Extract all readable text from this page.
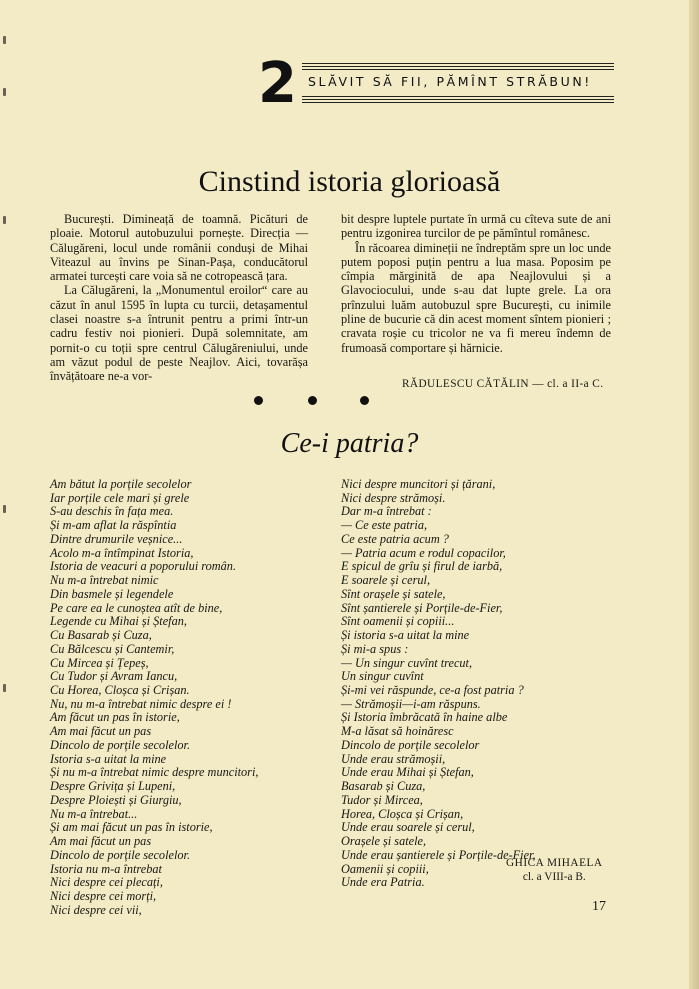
2 SLĂVIT SĂ FII, PĂMÎNT STRĂBUN!
Cinstind istoria glorioasă

București. Dimineață de toamnă. Picături de ploaie. Motorul autobuzului pornește. Direcția — Călugăreni, locul unde românii conduși de Mihai Viteazul au învins pe Sinan-Pașa, conducătorul armatei turcești care voia să ne cotropească țara.

La Călugăreni, la „Monumentul eroilor“ care au căzut în anul 1595 în lupta cu turcii, detașamentul clasei noastre s-a întrunit pentru a primi într-un cadru festiv noi pionieri. După solemnitate, am pornit-o cu toții spre centrul Călugăreniului, unde am văzut podul de peste Neajlov. Aici, tovarășa învățătoare ne-a vor-

bit despre luptele purtate în urmă cu cîteva sute de ani pentru izgonirea turcilor de pe pămîntul românesc.

În răcoarea dimineții ne îndreptăm spre un loc unde putem poposi puțin pentru a lua masa. Poposim pe cîmpia mărginită de apa Neajlovului și a Glavociocului, unde s-au dat lupte grele. La ora prînzului luăm autobuzul spre București, cu inimile pline de bucurie că din acest moment sîntem pionieri ; cravata roșie cu tricolor ne va fi mereu îndemn de frumoasă comportare și hărnicie.

RĂDULESCU CĂTĂLIN — cl. a II-a C.
Ce-i patria?
Am bătut la porțile secolelor
Iar porțile cele mari și grele
S-au deschis în fața mea.
Și m-am aflat la răspîntia
Dintre drumurile veșnice...
Acolo m-a întîmpinat Istoria,
Istoria de veacuri a poporului român.
Nu m-a întrebat nimic
Din basmele și legendele
Pe care ea le cunoștea atît de bine,
Legende cu Mihai și Ștefan,
Cu Basarab și Cuza,
Cu Bălcescu și Cantemir,
Cu Mircea și Țepeș,
Cu Tudor și Avram Iancu,
Cu Horea, Cloșca și Crișan.
Nu, nu m-a întrebat nimic despre ei !
Am făcut un pas în istorie,
Am mai făcut un pas
Dincolo de porțile secolelor.
Istoria s-a uitat la mine
Și nu m-a întrebat nimic despre muncitori,
Despre Grivița și Lupeni,
Despre Ploiești și Giurgiu,
Nu m-a întrebat...
Și am mai făcut un pas în istorie,
Am mai făcut un pas
Dincolo de porțile secolelor.
Istoria nu m-a întrebat
Nici despre cei plecați,
Nici despre cei morți,
Nici despre cei vii,
Nici despre muncitori și țărani,
Nici despre strămoși.
Dar m-a întrebat :
— Ce este patria,
Ce este patria acum ?
— Patria acum e rodul copacilor,
E spicul de grîu și firul de iarbă,
E soarele și cerul,
Sînt orașele și satele,
Sînt șantierele și Porțile-de-Fier,
Sînt oamenii și copiii...
Și istoria s-a uitat la mine
Și mi-a spus :
— Un singur cuvînt trecut,
Un singur cuvînt
Și-mi vei răspunde, ce-a fost patria ?
— Strămoșii—i-am răspuns.
Și Istoria îmbrăcată în haine albe
M-a lăsat să hoinăresc
Dincolo de porțile secolelor
Unde erau strămoșii,
Unde erau Mihai și Ștefan,
Basarab și Cuza,
Tudor și Mircea,
Horea, Cloșca și Crișan,
Unde erau soarele și cerul,
Orașele și satele,
Unde erau șantierele și Porțile-de-Fier,
Oamenii și copiii,
Unde era Patria.
GHICA MIHAELA
cl. a VIII-a B.
17
